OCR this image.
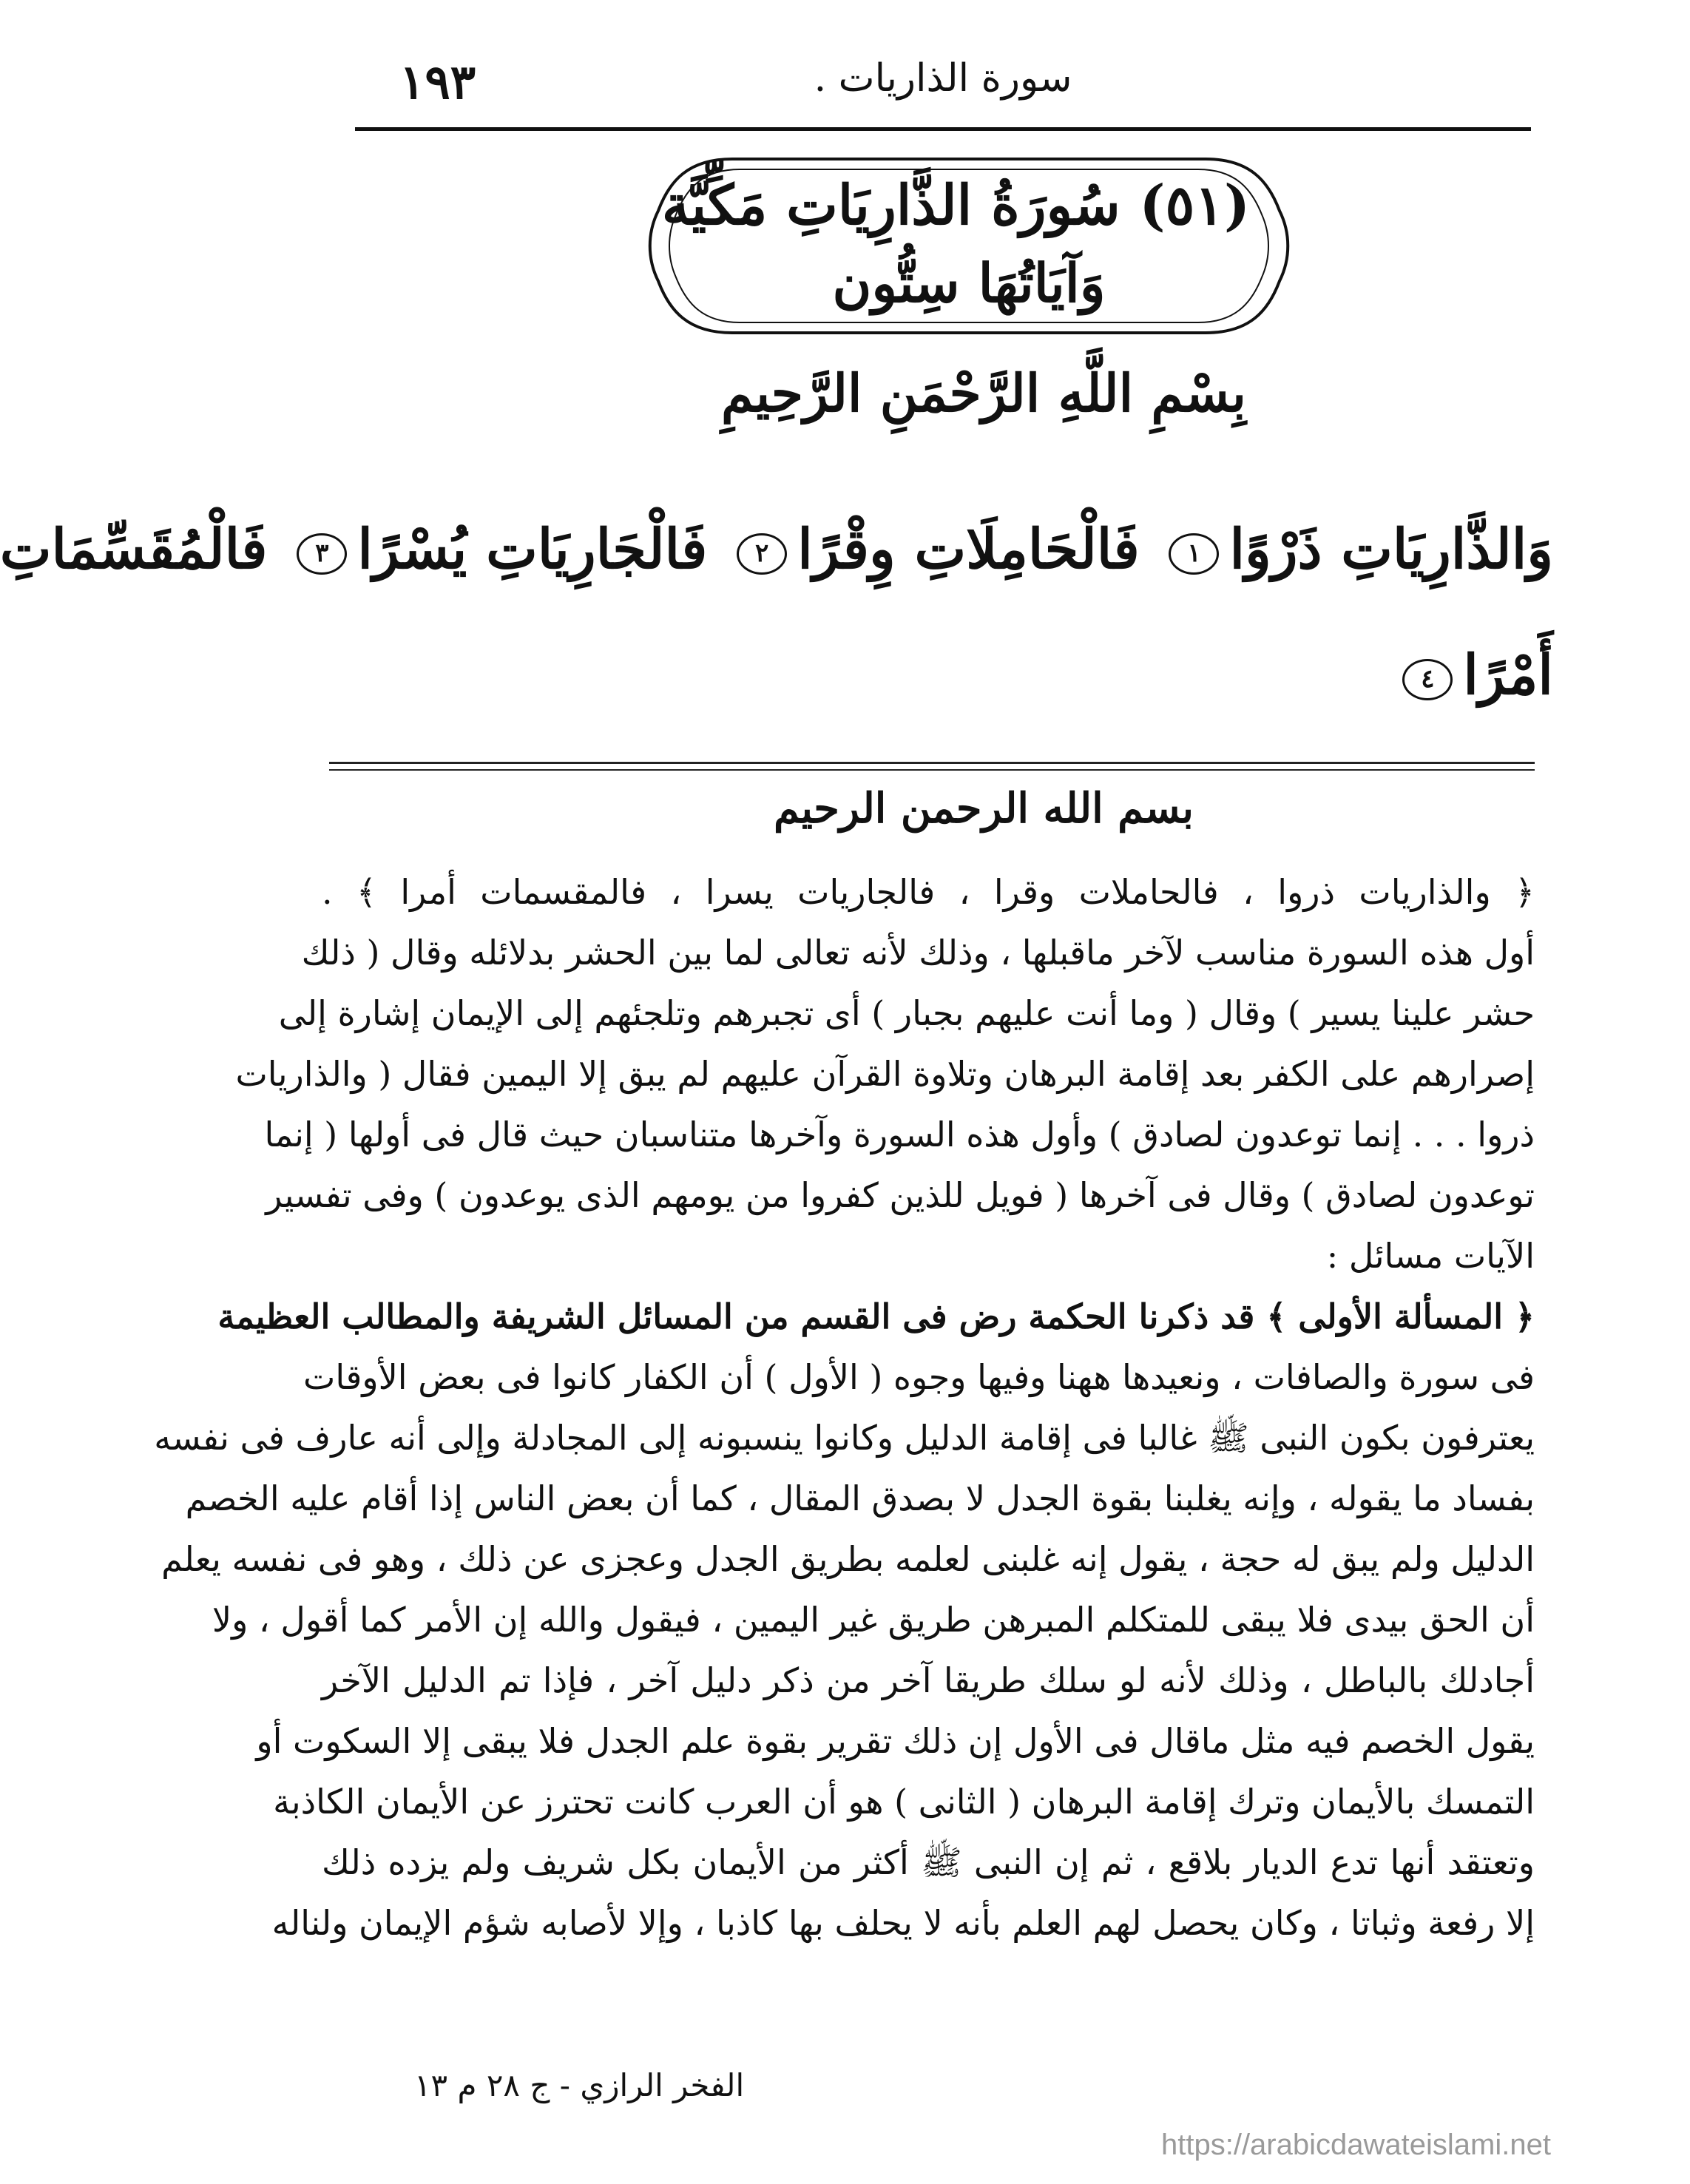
١٩٣	سورة الذاريات .
(٥١) سُورَةُ الذَّارِيَاتِ مَكِّيَّة
وَآيَاتُهَا سِتُّون
بِسْمِ اللَّهِ الرَّحْمَنِ الرَّحِيمِ
وَالذَّارِيَاتِ ذَرْوًا١ فَالْحَامِلَاتِ وِقْرًا٢ فَالْجَارِيَاتِ يُسْرًا٣ فَالْمُقَسِّمَاتِ
أَمْرًا٤
بسم الله الرحمن الرحيم
﴿ والذاريات ذروا ، فالحاملات وقرا ، فالجاريات يسرا ، فالمقسمات أمرا ﴾ .
أول هذه السورة مناسب لآخر ماقبلها ، وذلك لأنه تعالى لما بين الحشر بدلائله وقال ( ذلك
حشر علينا يسير ) وقال ( وما أنت عليهم بجبار ) أى تجبرهم وتلجئهم إلى الإيمان إشارة إلى
إصرارهم على الكفر بعد إقامة البرهان وتلاوة القرآن عليهم لم يبق إلا اليمين فقال ( والذاريات
ذروا . . . إنما توعدون لصادق ) وأول هذه السورة وآخرها متناسبان حيث قال فى أولها ( إنما
توعدون لصادق ) وقال فى آخرها ( فويل للذين كفروا من يومهم الذى يوعدون ) وفى تفسير
الآيات مسائل :
﴿ المسألة الأولى ﴾ قد ذكرنا الحكمة رض فى القسم من المسائل الشريفة والمطالب العظيمة
فى سورة والصافات ، ونعيدها ههنا وفيها وجوه ( الأول ) أن الكفار كانوا فى بعض الأوقات
يعترفون بكون النبى ﷺ غالبا فى إقامة الدليل وكانوا ينسبونه إلى المجادلة وإلى أنه عارف فى نفسه
بفساد ما يقوله ، وإنه يغلبنا بقوة الجدل لا بصدق المقال ، كما أن بعض الناس إذا أقام عليه الخصم
الدليل ولم يبق له حجة ، يقول إنه غلبنى لعلمه بطريق الجدل وعجزى عن ذلك ، وهو فى نفسه يعلم
أن الحق بيدى فلا يبقى للمتكلم المبرهن طريق غير اليمين ، فيقول والله إن الأمر كما أقول ، ولا
أجادلك بالباطل ، وذلك لأنه لو سلك طريقا آخر من ذكر دليل آخر ، فإذا تم الدليل الآخر
يقول الخصم فيه مثل ماقال فى الأول إن ذلك تقرير بقوة علم الجدل فلا يبقى إلا السكوت أو
التمسك بالأيمان وترك إقامة البرهان ( الثانى ) هو أن العرب كانت تحترز عن الأيمان الكاذبة
وتعتقد أنها تدع الديار بلاقع ، ثم إن النبى ﷺ أكثر من الأيمان بكل شريف ولم يزده ذلك
إلا رفعة وثباتا ، وكان يحصل لهم العلم بأنه لا يحلف بها كاذبا ، وإلا لأصابه شؤم الإيمان ولناله
الفخر الرازي - ج ٢٨ م ١٣
https://arabicdawateislami.net
